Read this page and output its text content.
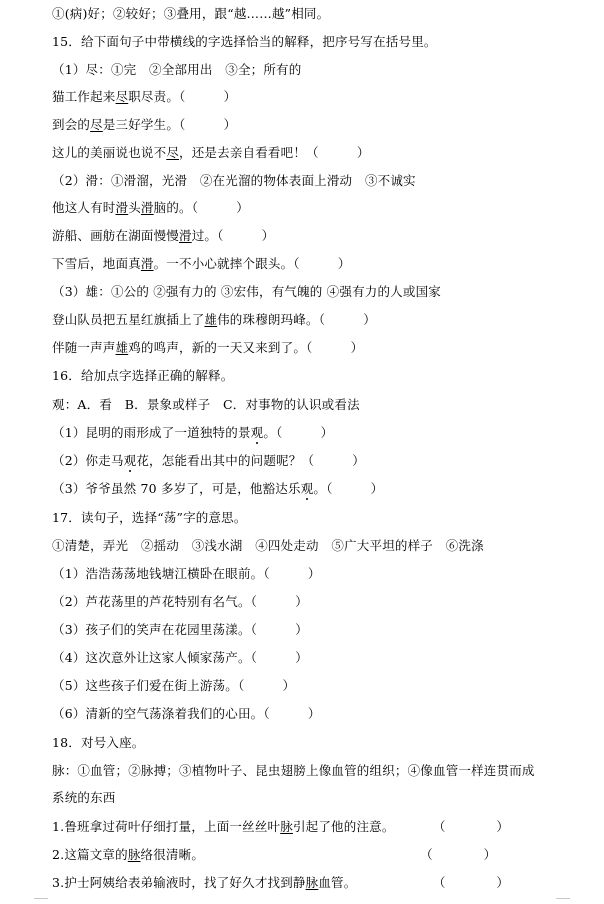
①(病)好；②较好；③叠用，跟“越……越”相同。
15．给下面句子中带横线的字选择恰当的解释，把序号写在括号里。
（1）尽：①完　②全部用出　③全；所有的
猫工作起来尽职尽责。（　　　）
到会的尽是三好学生。（　　　）
这儿的美丽说也说不尽，还是去亲自看看吧！（　　　）
（2）滑：①滑溜，光滑　②在光溜的物体表面上滑动　③不诚实
他这人有时滑头滑脑的。（　　　）
游船、画舫在湖面慢慢滑过。（　　　）
下雪后，地面真滑。一不小心就摔个跟头。（　　　）
（3）雄：①公的 ②强有力的 ③宏伟，有气魄的 ④强有力的人或国家
登山队员把五星红旗插上了雄伟的珠穆朗玛峰。（　　　）
伴随一声声雄鸡的鸣声，新的一天又来到了。（　　　）
16．给加点字选择正确的解释。
观：A．看　B．景象或样子　C．对事物的认识或看法
（1）昆明的雨形成了一道独特的景观。（　　　）
（2）你走马观花，怎能看出其中的问题呢？（　　　）
（3）爷爷虽然 70 多岁了，可是，他豁达乐观。（　　　）
17．读句子，选择“荡”字的意思。
①清楚，弄光　②摇动　③浅水湖　④四处走动　⑤广大平坦的样子　⑥洗涤
（1）浩浩荡荡地钱塘江横卧在眼前。（　　　）
（2）芦花荡里的芦花特别有名气。（　　　）
（3）孩子们的笑声在花园里荡漾。（　　　）
（4）这次意外让这家人倾家荡产。（　　　）
（5）这些孩子们爱在街上游荡。（　　　）
（6）清新的空气荡涤着我们的心田。（　　　）
18．对号入座。
脉：①血管；②脉搏；③植物叶子、昆虫翅膀上像血管的组织；④像血管一样连贯而成
系统的东西
1.鲁班拿过荷叶仔细打量，上面一丝丝叶脉引起了他的注意。　　　　（　　　　）
2.这篇文章的脉络很清晰。　　　　　　　　　　　　　　　　　　（　　　　）
3.护士阿姨给表弟输液时，找了好久才找到静脉血管。　　　　　　　（　　　　）
